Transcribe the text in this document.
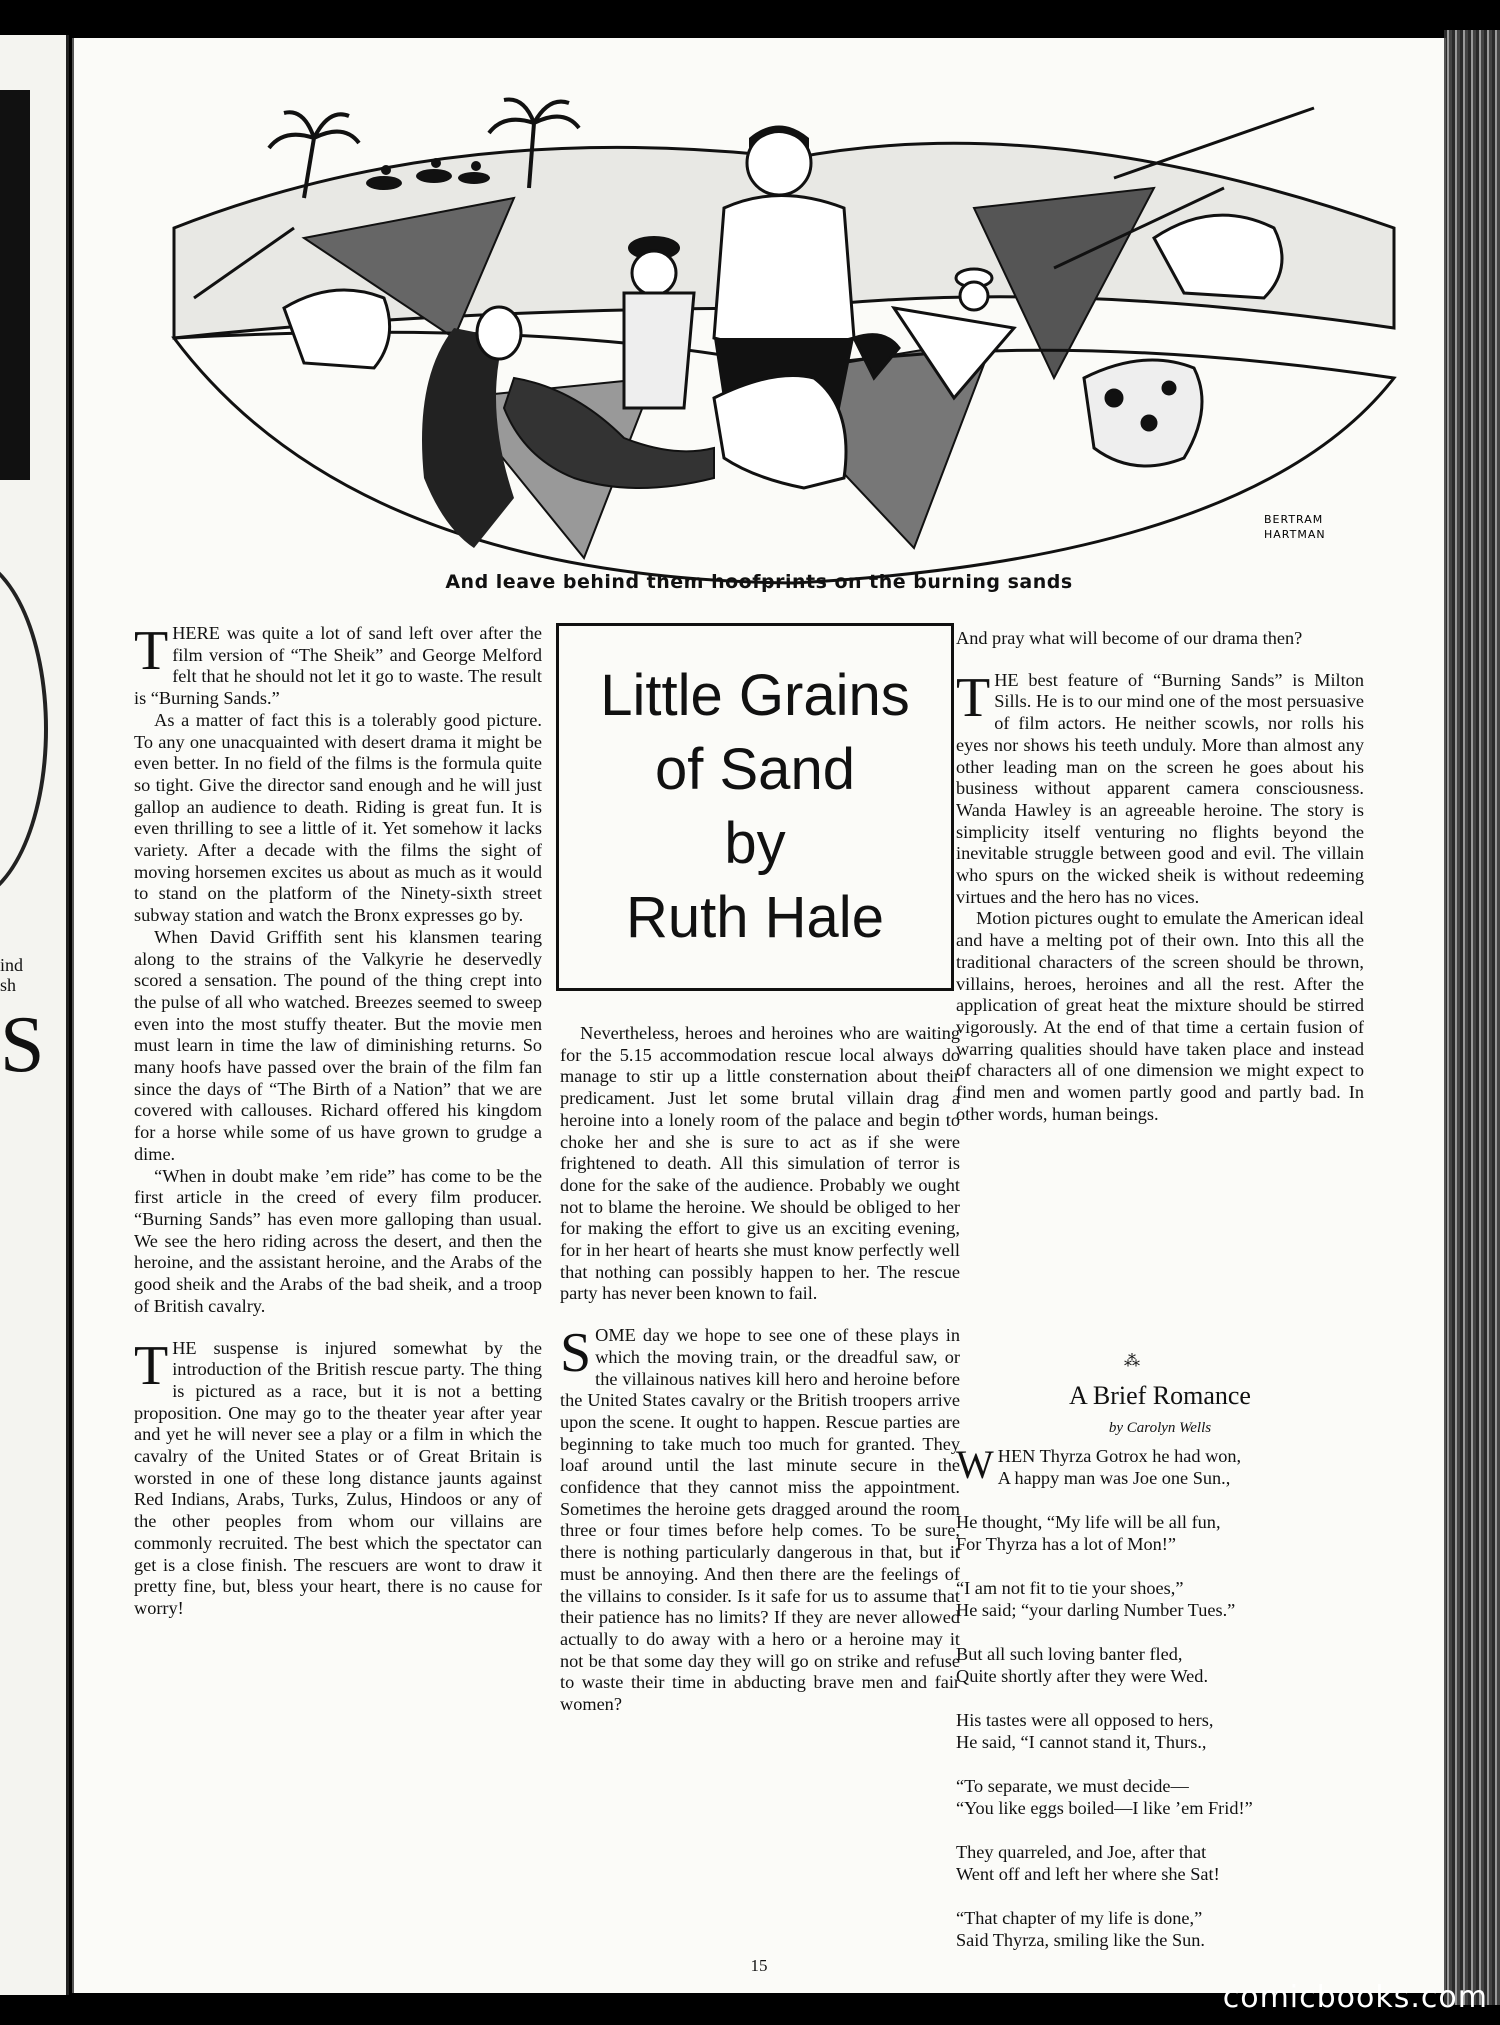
ind
sh
S
BERTRAM
HARTMAN
And leave behind them hoofprints on the burning sands
Little Grains
of Sand
by
Ruth Hale

THERE was quite a lot of sand left over after the film version of “The Sheik” and George Melford felt that he should not let it go to waste. The result is “Burning Sands.”

As a matter of fact this is a tolerably good picture. To any one unacquainted with desert drama it might be even better. In no field of the films is the formula quite so tight. Give the director sand enough and he will just gallop an audience to death. Riding is great fun. It is even thrilling to see a little of it. Yet somehow it lacks variety. After a decade with the films the sight of moving horsemen excites us about as much as it would to stand on the platform of the Ninety-sixth street subway station and watch the Bronx expresses go by.

When David Griffith sent his klansmen tearing along to the strains of the Valkyrie he deservedly scored a sensation. The pound of the thing crept into the pulse of all who watched. Breezes seemed to sweep even into the most stuffy theater. But the movie men must learn in time the law of diminishing returns. So many hoofs have passed over the brain of the film fan since the days of “The Birth of a Nation” that we are covered with callouses. Richard offered his kingdom for a horse while some of us have grown to grudge a dime.

“When in doubt make ’em ride” has come to be the first article in the creed of every film producer. “Burning Sands” has even more galloping than usual. We see the hero riding across the desert, and then the heroine, and the assistant heroine, and the Arabs of the good sheik and the Arabs of the bad sheik, and a troop of British cavalry.

THE suspense is injured somewhat by the introduction of the British rescue party. The thing is pictured as a race, but it is not a betting proposition. One may go to the theater year after year and yet he will never see a play or a film in which the cavalry of the United States or of Great Britain is worsted in one of these long distance jaunts against Red Indians, Arabs, Turks, Zulus, Hindoos or any of the other peoples from whom our villains are commonly recruited. The best which the spectator can get is a close finish. The rescuers are wont to draw it pretty fine, but, bless your heart, there is no cause for worry!

Nevertheless, heroes and heroines who are waiting for the 5.15 accommodation rescue local always do manage to stir up a little consternation about their predicament. Just let some brutal villain drag a heroine into a lonely room of the palace and begin to choke her and she is sure to act as if she were frightened to death. All this simulation of terror is done for the sake of the audience. Probably we ought not to blame the heroine. We should be obliged to her for making the effort to give us an exciting evening, for in her heart of hearts she must know perfectly well that nothing can possibly happen to her. The rescue party has never been known to fail.

SOME day we hope to see one of these plays in which the moving train, or the dreadful saw, or the villainous natives kill hero and heroine before the United States cavalry or the British troopers arrive upon the scene. It ought to happen. Rescue parties are beginning to take much too much for granted. They loaf around until the last minute secure in the confidence that they cannot miss the appointment. Sometimes the heroine gets dragged around the room three or four times before help comes. To be sure, there is nothing particularly dangerous in that, but it must be annoying. And then there are the feelings of the villains to consider. Is it safe for us to assume that their patience has no limits? If they are never allowed actually to do away with a hero or a heroine may it not be that some day they will go on strike and refuse to waste their time in abducting brave men and fair women?

And pray what will become of our drama then?

THE best feature of “Burning Sands” is Milton Sills. He is to our mind one of the most persuasive of film actors. He neither scowls, nor rolls his eyes nor shows his teeth unduly. More than almost any other leading man on the screen he goes about his business without apparent camera consciousness. Wanda Hawley is an agreeable heroine. The story is simplicity itself venturing no flights beyond the inevitable struggle between good and evil. The villain who spurs on the wicked sheik is without redeeming virtues and the hero has no vices.

Motion pictures ought to emulate the American ideal and have a melting pot of their own. Into this all the traditional characters of the screen should be thrown, villains, heroes, heroines and all the rest. After the application of great heat the mixture should be stirred vigorously. At the end of that time a certain fusion of warring qualities should have taken place and instead of characters all of one dimension we might expect to find men and women partly good and partly bad. In other words, human beings.

⁂
A Brief Romance
by Carolyn Wells
WHEN Thyrza Gotrox he had won,
A happy man was Joe one Sun.,
He thought, “My life will be all fun,
For Thyrza has a lot of Mon!”
“I am not fit to tie your shoes,”
He said; “your darling Number Tues.”
But all such loving banter fled,
Quite shortly after they were Wed.
His tastes were all opposed to hers,
He said, “I cannot stand it, Thurs.,
“To separate, we must decide—
“You like eggs boiled—I like ’em Frid!”
They quarreled, and Joe, after that
Went off and left her where she Sat!
“That chapter of my life is done,”
Said Thyrza, smiling like the Sun.
15
comicbooks.com
